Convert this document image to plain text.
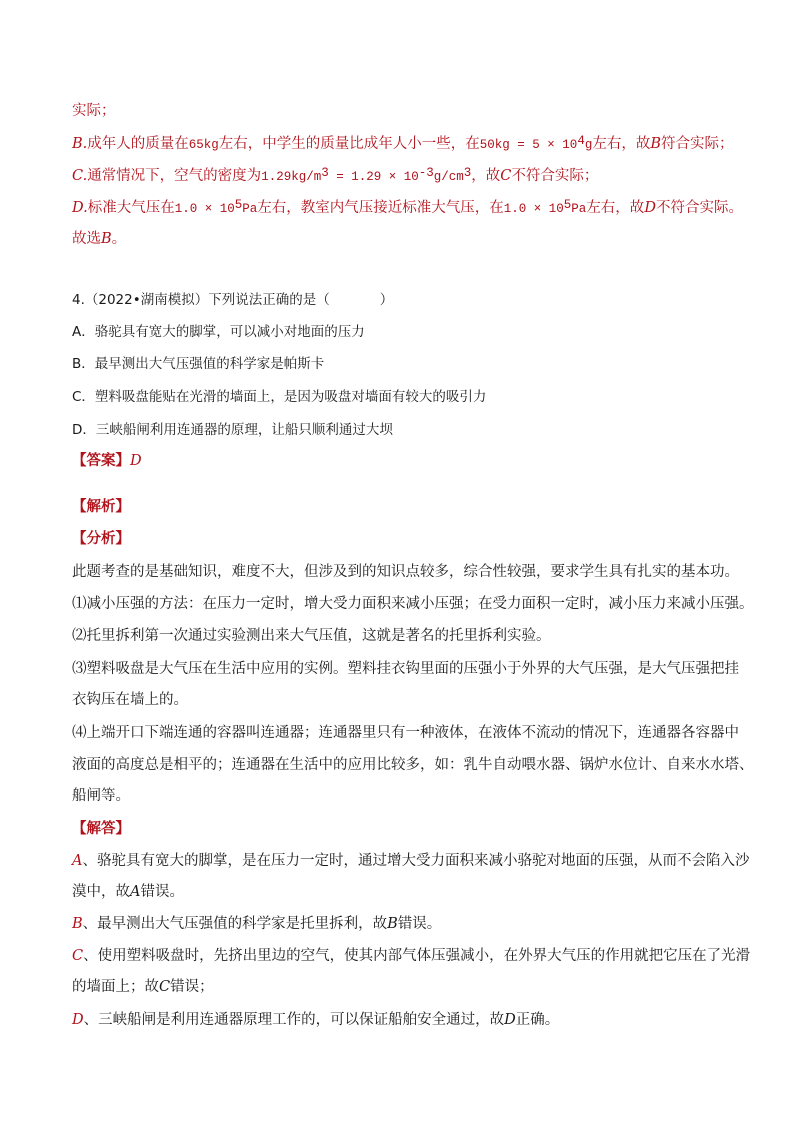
实际；
B.成年人的质量在65kg左右，中学生的质量比成年人小一些，在$50kg = 5 \times 10^4g$左右，故B符合实际；
C.通常情况下，空气的密度为$1.29kg/m^3 = 1.29 \times 10^{-3}g/cm^3$，故C不符合实际；
D.标准大气压在$1.0 \times 10^5Pa$左右，教室内气压接近标准大气压，在$1.0 \times 10^5Pa$左右，故D不符合实际。
故选B。
4.（2022•湖南模拟）下列说法正确的是（	）
A．骆驼具有宽大的脚掌，可以减小对地面的压力
B．最早测出大气压强值的科学家是帕斯卡
C．塑料吸盘能贴在光滑的墙面上，是因为吸盘对墙面有较大的吸引力
D．三峡船闸利用连通器的原理，让船只顺利通过大坝
【答案】D
【解析】
【分析】
此题考查的是基础知识，难度不大，但涉及到的知识点较多，综合性较强，要求学生具有扎实的基本功。
⑴减小压强的方法：在压力一定时，增大受力面积来减小压强；在受力面积一定时，减小压力来减小压强。
⑵托里拆利第一次通过实验测出来大气压值，这就是著名的托里拆利实验。
⑶塑料吸盘是大气压在生活中应用的实例。塑料挂衣钩里面的压强小于外界的大气压强，是大气压强把挂
衣钩压在墙上的。
⑷上端开口下端连通的容器叫连通器；连通器里只有一种液体，在液体不流动的情况下，连通器各容器中
液面的高度总是相平的；连通器在生活中的应用比较多，如：乳牛自动喂水器、锅炉水位计、自来水水塔、
船闸等。
【解答】
A、骆驼具有宽大的脚掌，是在压力一定时，通过增大受力面积来减小骆驼对地面的压强，从而不会陷入沙
漠中，故A错误。
B、最早测出大气压强值的科学家是托里拆利，故B错误。
C、使用塑料吸盘时，先挤出里边的空气，使其内部气体压强减小，在外界大气压的作用就把它压在了光滑
的墙面上；故C错误；
D、三峡船闸是利用连通器原理工作的，可以保证船舶安全通过，故D正确。
